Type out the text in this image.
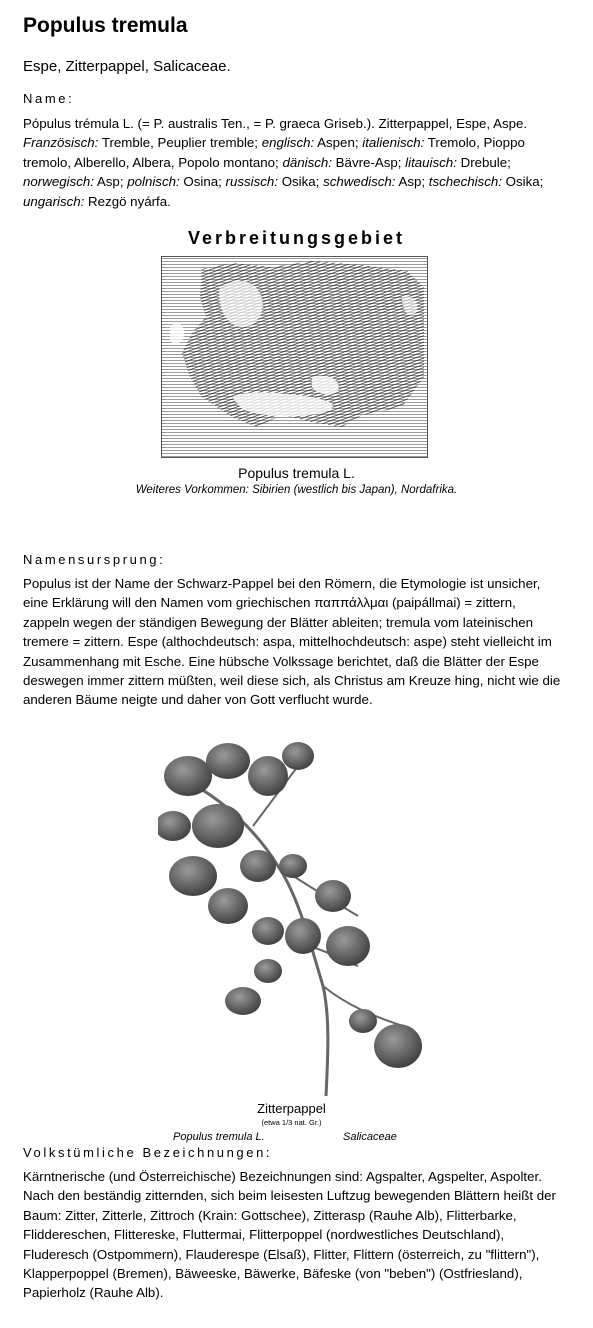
Populus tremula
Espe, Zitterpappel, Salicaceae.
Name:
Pópulus trémula L. (= P. australis Ten., = P. graeca Griseb.). Zitterpappel, Espe, Aspe. Französisch: Tremble, Peuplier tremble; englisch: Aspen; italienisch: Tremolo, Pioppo tremolo, Alberello, Albera, Popolo montano; dänisch: Bävre-Asp; litauisch: Drebule; norwegisch: Asp; polnisch: Osina; russisch: Osika; schwedisch: Asp; tschechisch: Osika; ungarisch: Rezgö nyárfa.
Verbreitungsgebiet
Populus tremula L.
Weiteres Vorkommen: Sibirien (westlich bis Japan), Nordafrika.
Namensursprung:
Populus ist der Name der Schwarz-Pappel bei den Römern, die Etymologie ist unsicher, eine Erklärung will den Namen vom griechischen παππάλλμαι (paipállmai) = zittern, zappeln wegen der ständigen Bewegung der Blätter ableiten; tremula vom lateinischen tremere = zittern. Espe (althochdeutsch: aspa, mittelhochdeutsch: aspe) steht vielleicht im Zusammenhang mit Esche. Eine hübsche Volkssage berichtet, daß die Blätter der Espe deswegen immer zittern müßten, weil diese sich, als Christus am Kreuze hing, nicht wie die anderen Bäume neigte und daher von Gott verflucht wurde.
Zitterpappel
(etwa 1/3 nat. Gr.)
Populus tremula L.	Salicaceae
Volkstümliche Bezeichnungen:
Kärntnerische (und Österreichische) Bezeichnungen sind: Agspalter, Agspelter, Aspolter. Nach den beständig zitternden, sich beim leisesten Luftzug bewegenden Blättern heißt der Baum: Zitter, Zitterle, Zittroch (Krain: Gottschee), Zitterasp (Rauhe Alb), Flitterbarke, Fliddereschen, Flittereske, Fluttermai, Flitterpoppel (nordwestliches Deutschland), Fluderesch (Ostpommern), Flauderespe (Elsaß), Flitter, Flittern (österreich, zu "flittern"), Klapperpoppel (Bremen), Bäweeske, Bäwerke, Bäfeske (von "beben") (Ostfriesland), Papierholz (Rauhe Alb).
